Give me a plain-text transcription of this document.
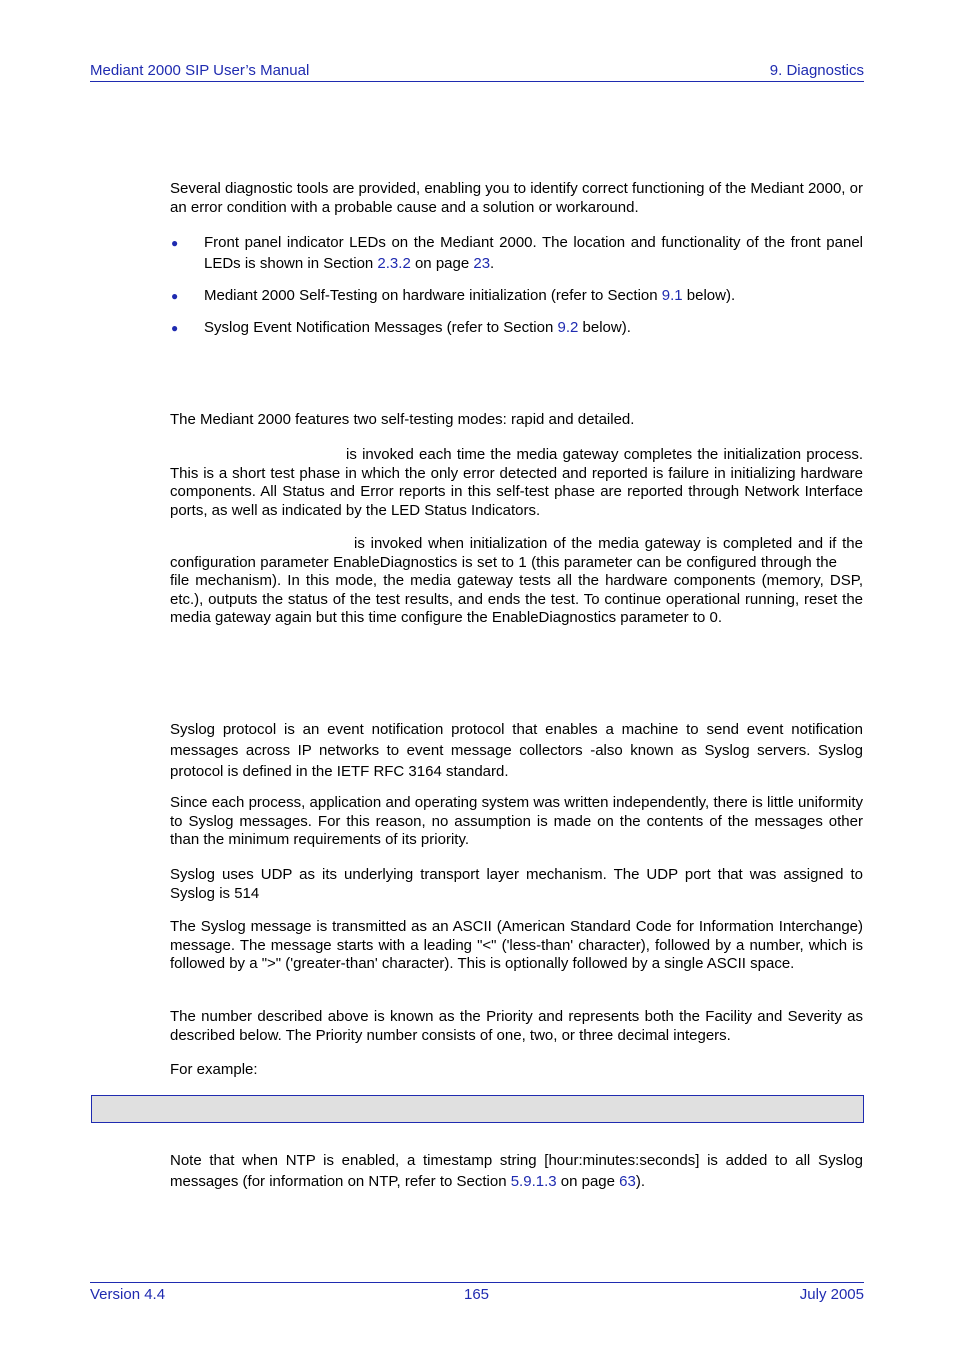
Mediant 2000 SIP User’s Manual	9. Diagnostics
Several diagnostic tools are provided, enabling you to identify correct functioning of the Mediant 2000, or an error condition with a probable cause and a solution or workaround.
● Front panel indicator LEDs on the Mediant 2000. The location and functionality of the front panel LEDs is shown in Section 2.3.2 on page 23.
● Mediant 2000 Self-Testing on hardware initialization (refer to Section 9.1 below).
● Syslog Event Notification Messages (refer to Section 9.2 below).
The Mediant 2000 features two self-testing modes: rapid and detailed.
is invoked each time the media gateway completes the initialization process. This is a short test phase in which the only error detected and reported is failure in initializing hardware components. All Status and Error reports in this self-test phase are reported through Network Interface ports, as well as indicated by the LED Status Indicators.
is invoked when initialization of the media gateway is completed and if the configuration parameter EnableDiagnostics is set to 1 (this parameter can be configured through thefile mechanism). In this mode, the media gateway tests all the hardware components (memory, DSP, etc.), outputs the status of the test results, and ends the test. To continue operational running, reset the media gateway again but this time configure the EnableDiagnostics parameter to 0.
Syslog protocol is an event notification protocol that enables a machine to send event notification messages across IP networks to event message collectors -also known as Syslog servers. Syslog protocol is defined in the IETF RFC 3164 standard.
Since each process, application and operating system was written independently, there is little uniformity to Syslog messages. For this reason, no assumption is made on the contents of the messages other than the minimum requirements of its priority.
Syslog uses UDP as its underlying transport layer mechanism. The UDP port that was assigned to Syslog is 514
The Syslog message is transmitted as an ASCII (American Standard Code for Information Interchange) message. The message starts with a leading "<" ('less-than' character), followed by a number, which is followed by a ">" ('greater-than' character). This is optionally followed by a single ASCII space.
The number described above is known as the Priority and represents both the Facility and Severity as described below. The Priority number consists of one, two, or three decimal integers.
For example:
Note that when NTP is enabled, a timestamp string [hour:minutes:seconds] is added to all Syslog messages (for information on NTP, refer to Section 5.9.1.3 on page 63).
Version 4.4	165	July 2005
